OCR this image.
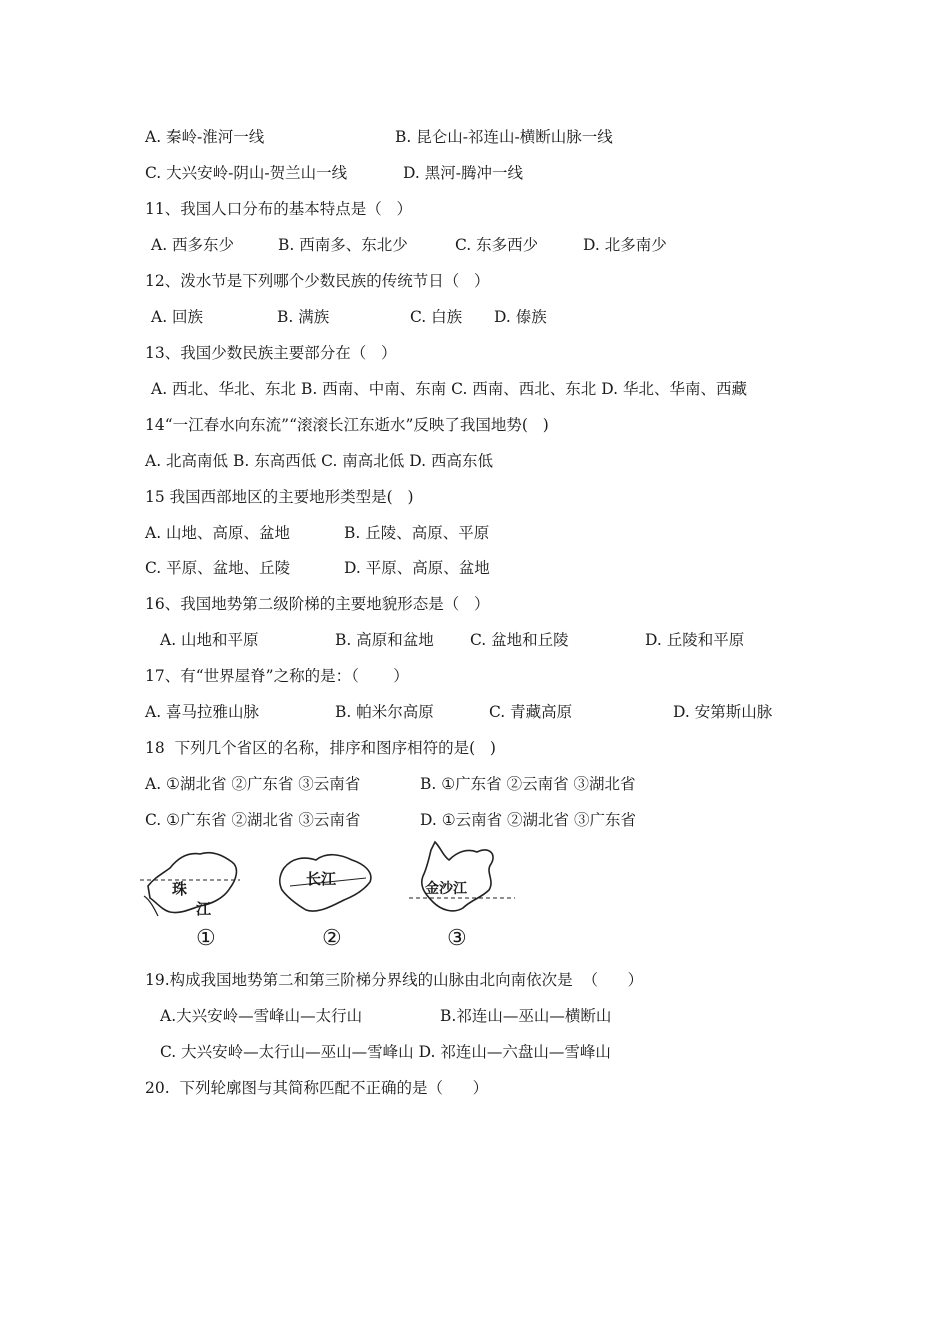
A. 秦岭-淮河一线	B. 昆仑山-祁连山-横断山脉一线
C. 大兴安岭-阴山-贺兰山一线	D. 黑河-腾冲一线
11、我国人口分布的基本特点是（   ）
A. 西多东少	B. 西南多、东北少	C. 东多西少	D. 北多南少
12、泼水节是下列哪个少数民族的传统节日（   ）
A. 回族	B. 满族	C. 白族 D. 傣族
13、我国少数民族主要部分在（   ）
A. 西北、华北、东北 B. 西南、中南、东南 C. 西南、西北、东北 D. 华北、华南、西藏
14“一江春水向东流”“滚滚长江东逝水”反映了我国地势(   )
A. 北高南低 B. 东高西低 C. 南高北低 D. 西高东低
15 我国西部地区的主要地形类型是(   )
A. 山地、高原、盆地	B. 丘陵、高原、平原
C. 平原、盆地、丘陵	D. 平原、高原、盆地
16、我国地势第二级阶梯的主要地貌形态是（   ）
A. 山地和平原	B. 高原和盆地 C. 盆地和丘陵	D. 丘陵和平原
17、有“世界屋脊”之称的是：（       ）
A. 喜马拉雅山脉	B. 帕米尔高原	C. 青藏高原	D. 安第斯山脉
18  下列几个省区的名称，排序和图序相符的是(   )
A. ①湖北省 ②广东省 ③云南省	B. ①广东省 ②云南省 ③湖北省
C. ①广东省 ②湖北省 ③云南省	D. ①云南省 ②湖北省 ③广东省
19.构成我国地势第二和第三阶梯分界线的山脉由北向南依次是  （      ）
A.大兴安岭—雪峰山—太行山	B.祁连山—巫山—横断山
C. 大兴安岭—太行山—巫山—雪峰山 D. 祁连山—六盘山—雪峰山
20.  下列轮廓图与其简称匹配不正确的是（      ）
珠
江
①
长江
②
金沙江
③
